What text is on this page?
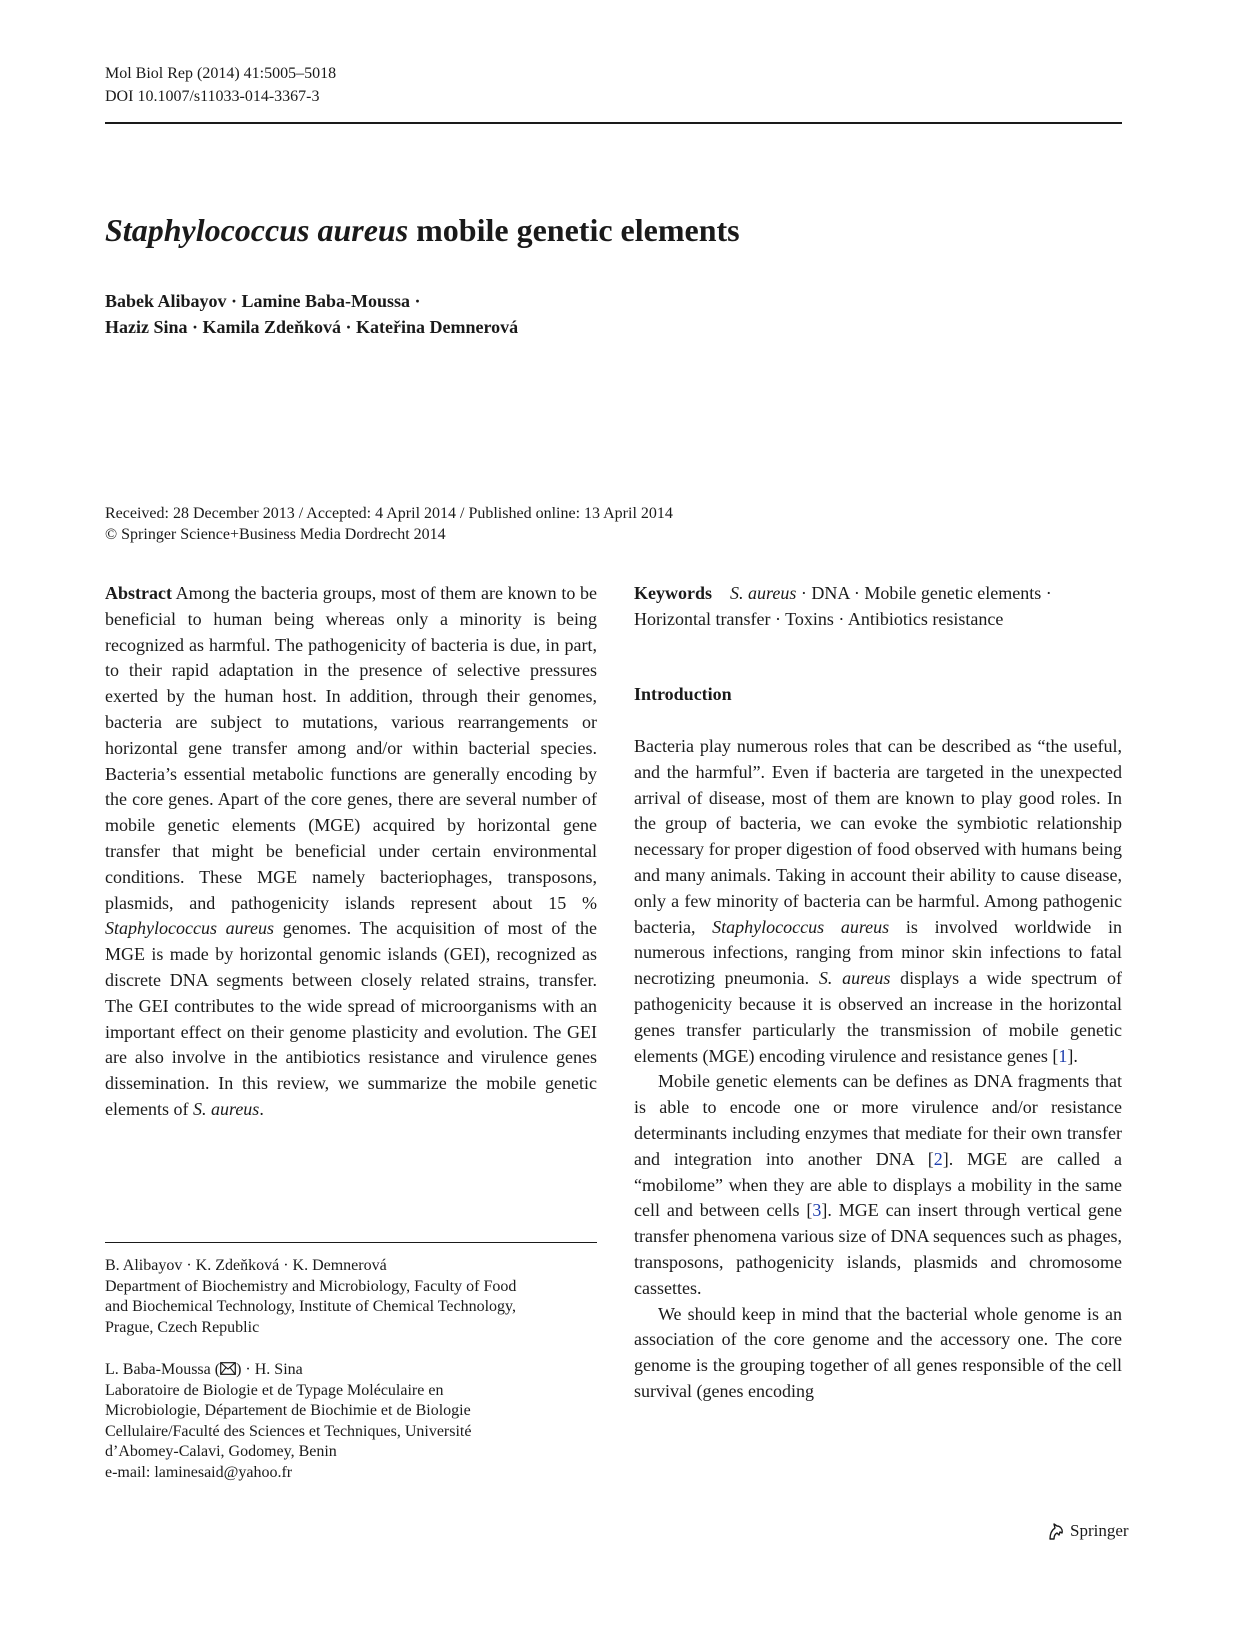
Mol Biol Rep (2014) 41:5005–5018
DOI 10.1007/s11033-014-3367-3
Staphylococcus aureus mobile genetic elements
Babek Alibayov · Lamine Baba-Moussa ·
Haziz Sina · Kamila Zdeňková · Kateřina Demnerová
Received: 28 December 2013 / Accepted: 4 April 2014 / Published online: 13 April 2014
© Springer Science+Business Media Dordrecht 2014
Abstract Among the bacteria groups, most of them are known to be beneficial to human being whereas only a minority is being recognized as harmful. The pathogenicity of bacteria is due, in part, to their rapid adaptation in the presence of selective pressures exerted by the human host. In addition, through their genomes, bacteria are subject to mutations, various rearrangements or horizontal gene transfer among and/or within bacterial species. Bacteria’s essential metabolic functions are generally encoding by the core genes. Apart of the core genes, there are several number of mobile genetic elements (MGE) acquired by horizontal gene transfer that might be beneficial under certain environmental conditions. These MGE namely bacteriophages, transposons, plasmids, and pathogenicity islands represent about 15 % Staphylococcus aureus genomes. The acquisition of most of the MGE is made by horizontal genomic islands (GEI), recognized as discrete DNA segments between closely related strains, transfer. The GEI contributes to the wide spread of microorganisms with an important effect on their genome plasticity and evolution. The GEI are also involve in the antibiotics resistance and virulence genes dissemination. In this review, we summarize the mobile genetic elements of S. aureus.
B. Alibayov · K. Zdeňková · K. Demnerová
Department of Biochemistry and Microbiology, Faculty of Food
and Biochemical Technology, Institute of Chemical Technology,
Prague, Czech Republic
L. Baba-Moussa ( ) · H. Sina
Laboratoire de Biologie et de Typage Moléculaire en
Microbiologie, Département de Biochimie et de Biologie
Cellulaire/Faculté des Sciences et Techniques, Université
d’Abomey-Calavi, Godomey, Benin
e-mail: laminesaid@yahoo.fr
Keywords S. aureus · DNA · Mobile genetic elements · Horizontal transfer · Toxins · Antibiotics resistance
Introduction

Bacteria play numerous roles that can be described as “the useful, and the harmful”. Even if bacteria are targeted in the unexpected arrival of disease, most of them are known to play good roles. In the group of bacteria, we can evoke the symbiotic relationship necessary for proper digestion of food observed with humans being and many animals. Taking in account their ability to cause disease, only a few minority of bacteria can be harmful. Among pathogenic bacteria, Staphylococcus aureus is involved worldwide in numerous infections, ranging from minor skin infections to fatal necrotizing pneumonia. S. aureus displays a wide spectrum of pathogenicity because it is observed an increase in the horizontal genes transfer particularly the transmission of mobile genetic elements (MGE) encoding virulence and resistance genes [1].

Mobile genetic elements can be defines as DNA fragments that is able to encode one or more virulence and/or resistance determinants including enzymes that mediate for their own transfer and integration into another DNA [2]. MGE are called a “mobilome” when they are able to displays a mobility in the same cell and between cells [3]. MGE can insert through vertical gene transfer phenomena various size of DNA sequences such as phages, transposons, pathogenicity islands, plasmids and chromosome cassettes.

We should keep in mind that the bacterial whole genome is an association of the core genome and the accessory one. The core genome is the grouping together of all genes responsible of the cell survival (genes encoding

Springer
